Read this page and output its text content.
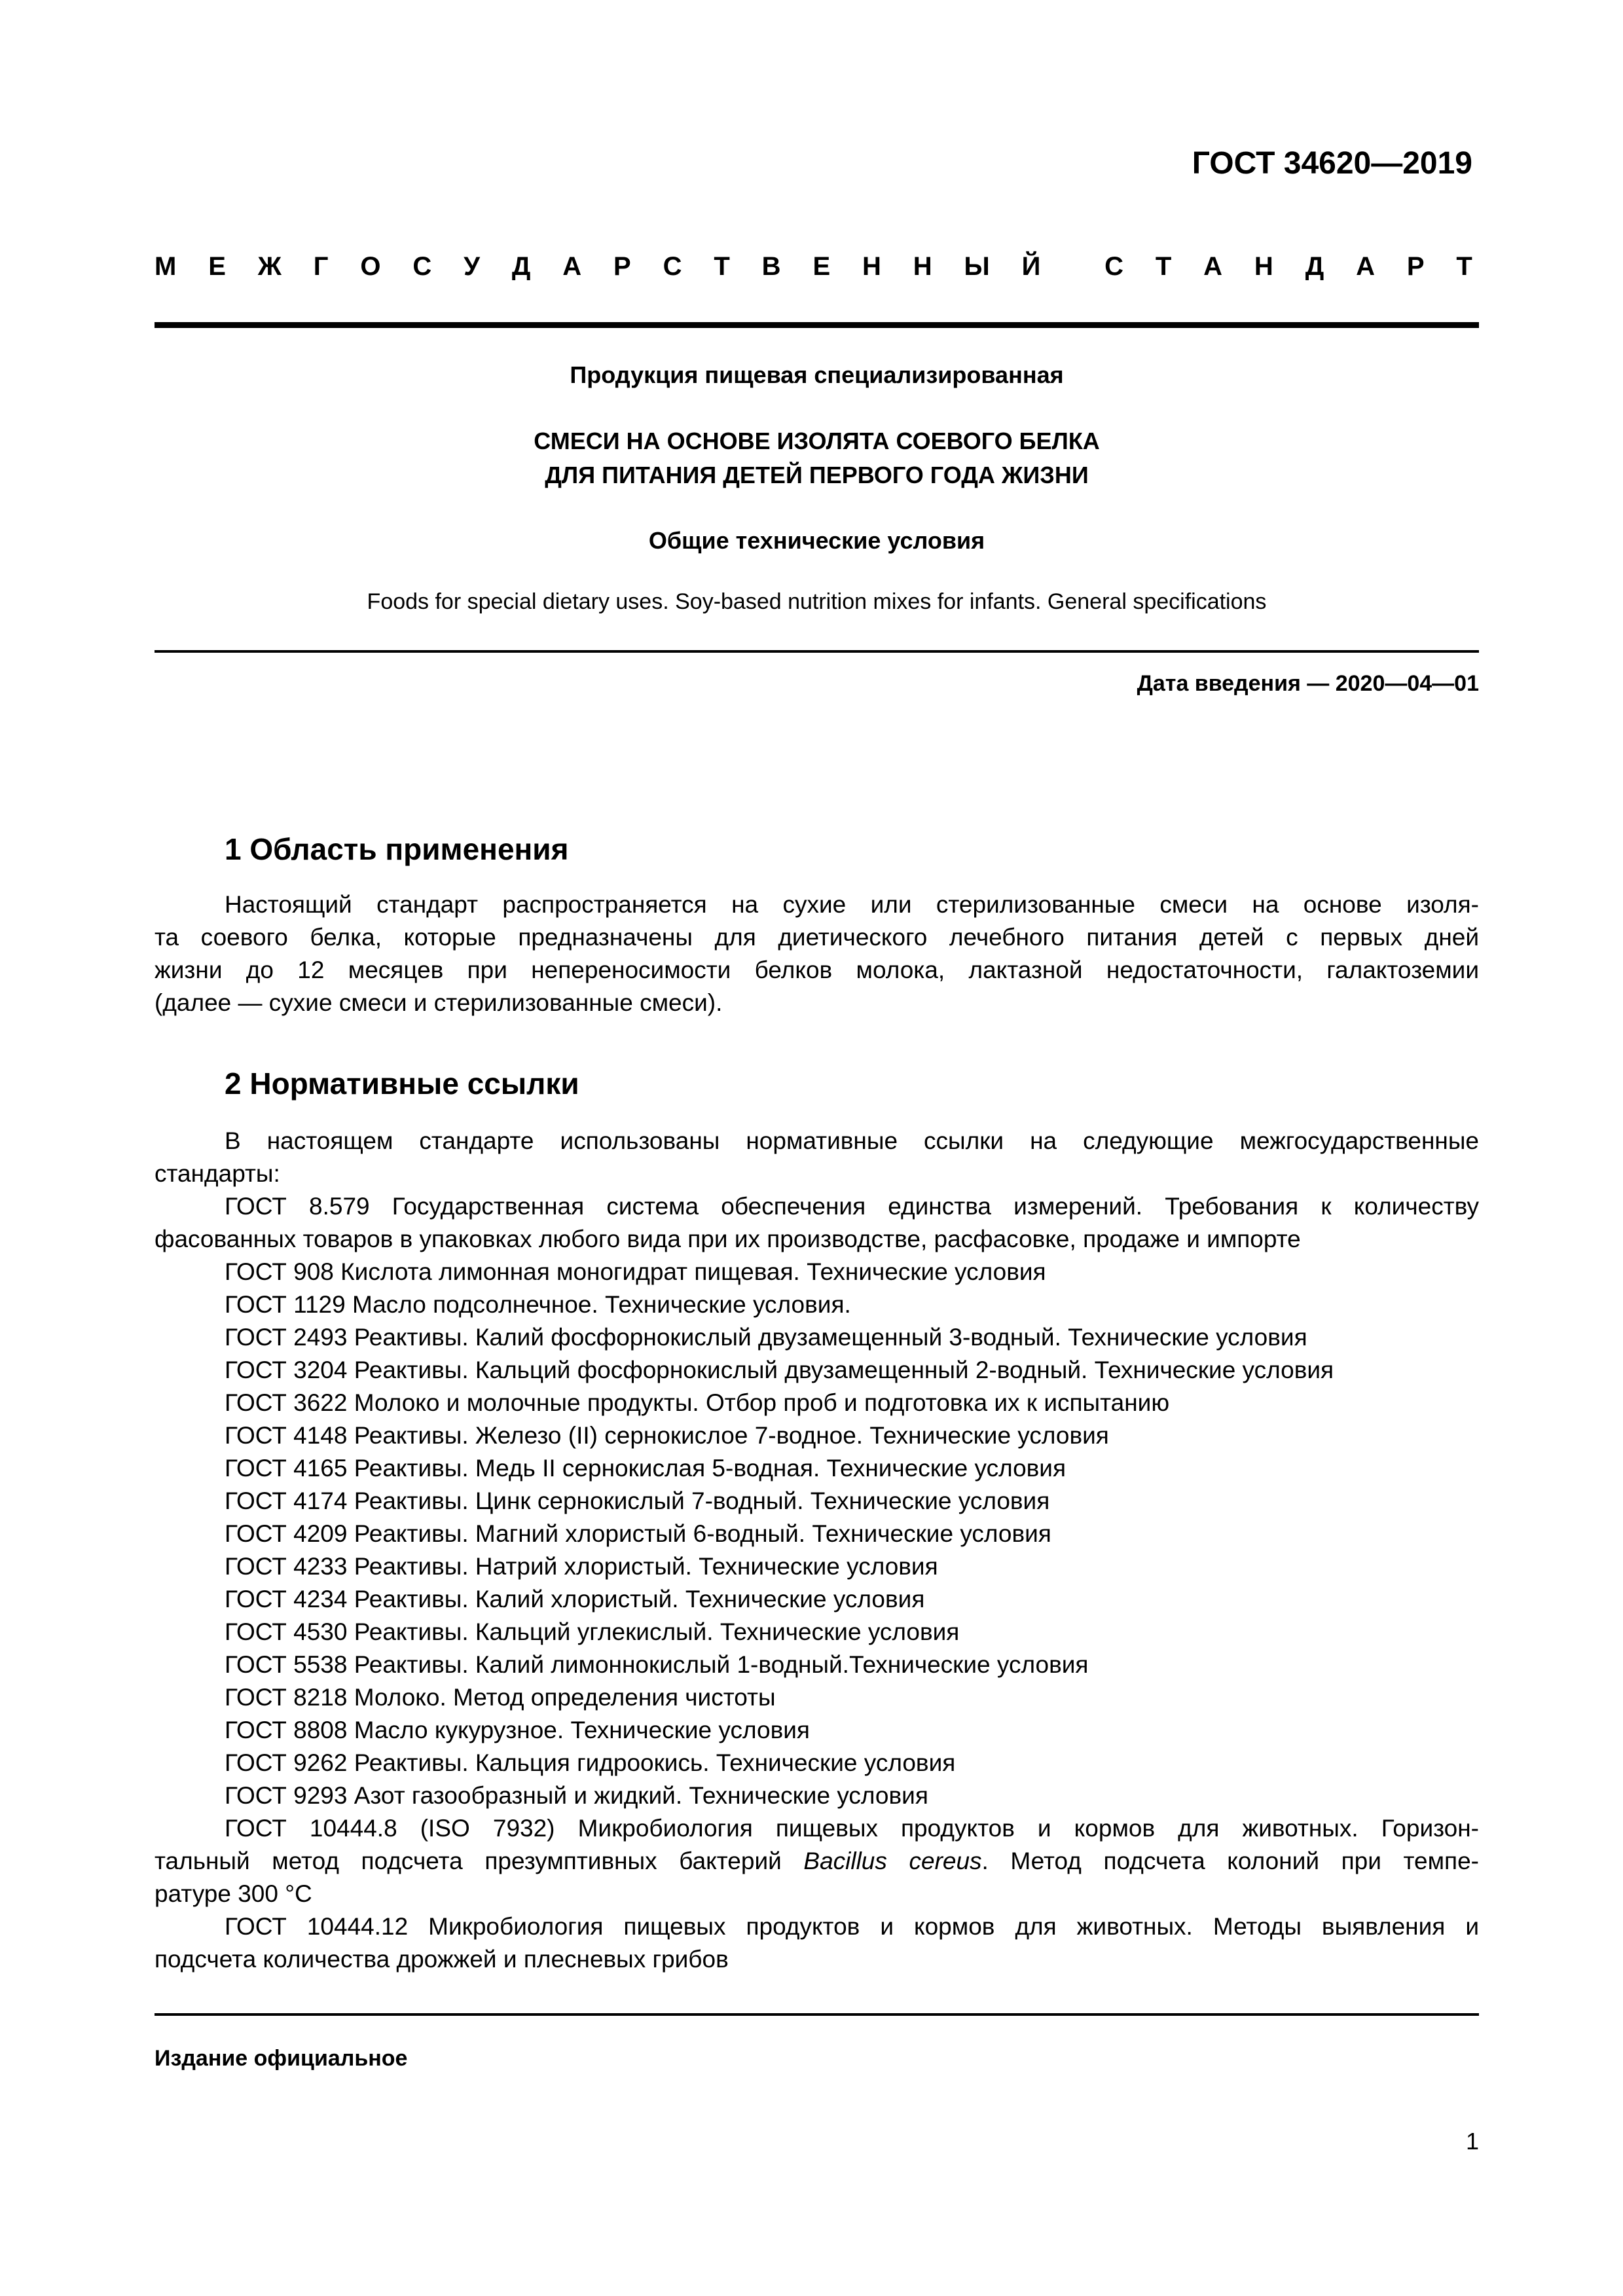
ГОСТ 34620—2019
М Е Ж Г О С У Д А Р С Т В Е Н Н Ы Й С Т А Н Д А Р Т
Продукция пищевая специализированная
СМЕСИ НА ОСНОВЕ ИЗОЛЯТА СОЕВОГО БЕЛКА
ДЛЯ ПИТАНИЯ ДЕТЕЙ ПЕРВОГО ГОДА ЖИЗНИ
Общие технические условия
Foods for special dietary uses. Soy-based nutrition mixes for infants. General specifications
Дата введения — 2020—04—01
1 Область применения
Настоящий стандарт распространяется на сухие или стерилизованные смеси на основе изоля-
та соевого белка, которые предназначены для диетического лечебного питания детей с первых дней
жизни до 12 месяцев при непереносимости белков молока, лактазной недостаточности, галактоземии
(далее — сухие смеси и стерилизованные смеси).
2 Нормативные ссылки
В настоящем стандарте использованы нормативные ссылки на следующие межгосударственные
стандарты:
ГОСТ 8.579 Государственная система обеспечения единства измерений. Требования к количеству
фасованных товаров в упаковках любого вида при их производстве, расфасовке, продаже и импорте
ГОСТ 908 Кислота лимонная моногидрат пищевая. Технические условия
ГОСТ 1129 Масло подсолнечное. Технические условия.
ГОСТ 2493 Реактивы. Калий фосфорнокислый двузамещенный 3-водный. Технические условия
ГОСТ 3204 Реактивы. Кальций фосфорнокислый двузамещенный 2-водный. Технические условия
ГОСТ 3622 Молоко и молочные продукты. Отбор проб и подготовка их к испытанию
ГОСТ 4148 Реактивы. Железо (II) сернокислое 7-водное. Технические условия
ГОСТ 4165 Реактивы. Медь II сернокислая 5-водная. Технические условия
ГОСТ 4174 Реактивы. Цинк сернокислый 7-водный. Технические условия
ГОСТ 4209 Реактивы. Магний хлористый 6-водный. Технические условия
ГОСТ 4233 Реактивы. Натрий хлористый. Технические условия
ГОСТ 4234 Реактивы. Калий хлористый. Технические условия
ГОСТ 4530 Реактивы. Кальций углекислый. Технические условия
ГОСТ 5538 Реактивы. Калий лимоннокислый 1-водный.Технические условия
ГОСТ 8218 Молоко. Метод определения чистоты
ГОСТ 8808 Масло кукурузное. Технические условия
ГОСТ 9262 Реактивы. Кальция гидроокись. Технические условия
ГОСТ 9293 Азот газообразный и жидкий. Технические условия
ГОСТ 10444.8 (ISO 7932) Микробиология пищевых продуктов и кормов для животных. Горизон-
тальный метод подсчета презумптивных бактерий Bacillus cereus. Метод подсчета колоний при темпе-
ратуре 300 °С
ГОСТ 10444.12 Микробиология пищевых продуктов и кормов для животных. Методы выявления и
подсчета количества дрожжей и плесневых грибов
Издание официальное
1
